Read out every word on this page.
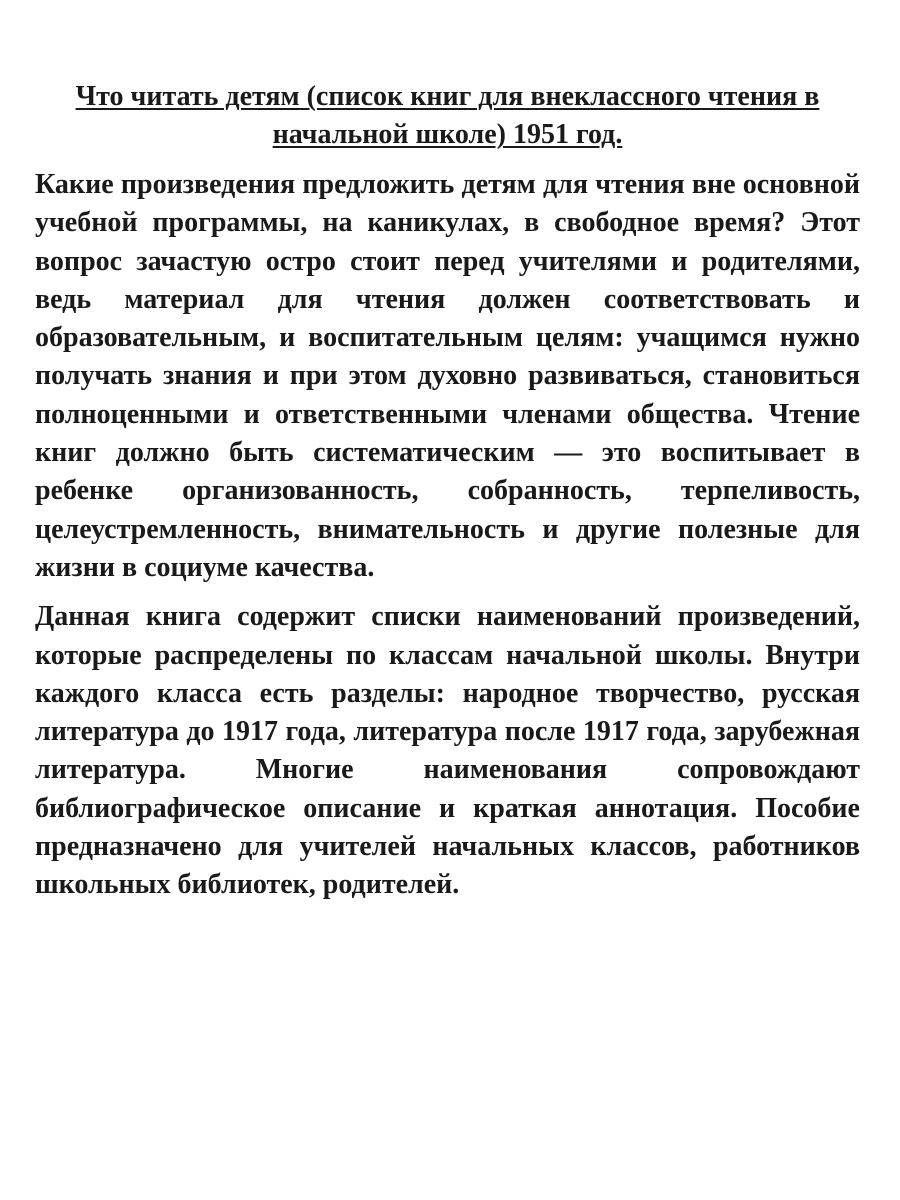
Что читать детям (список книг для внеклассного чтения в начальной школе) 1951 год.

Какие произведения предложить детям для чтения вне основной учебной программы, на каникулах, в свободное время? Этот вопрос зачастую остро стоит перед учителями и родителями, ведь материал для чтения должен соответствовать и образовательным, и воспитательным целям: учащимся нужно получать знания и при этом духовно развиваться, становиться полноценными и ответственными членами общества. Чтение книг должно быть систематическим — это воспитывает в ребенке организованность, собранность, терпеливость, целеустремленность, внимательность и другие полезные для жизни в социуме качества.

Данная книга содержит списки наименований произведений, которые распределены по классам начальной школы. Внутри каждого класса есть разделы: народное творчество, русская литература до 1917 года, литература после 1917 года, зарубежная литература. Многие наименования сопровождают библиографическое описание и краткая аннотация. Пособие предназначено для учителей начальных классов, работников школьных библиотек, родителей.
